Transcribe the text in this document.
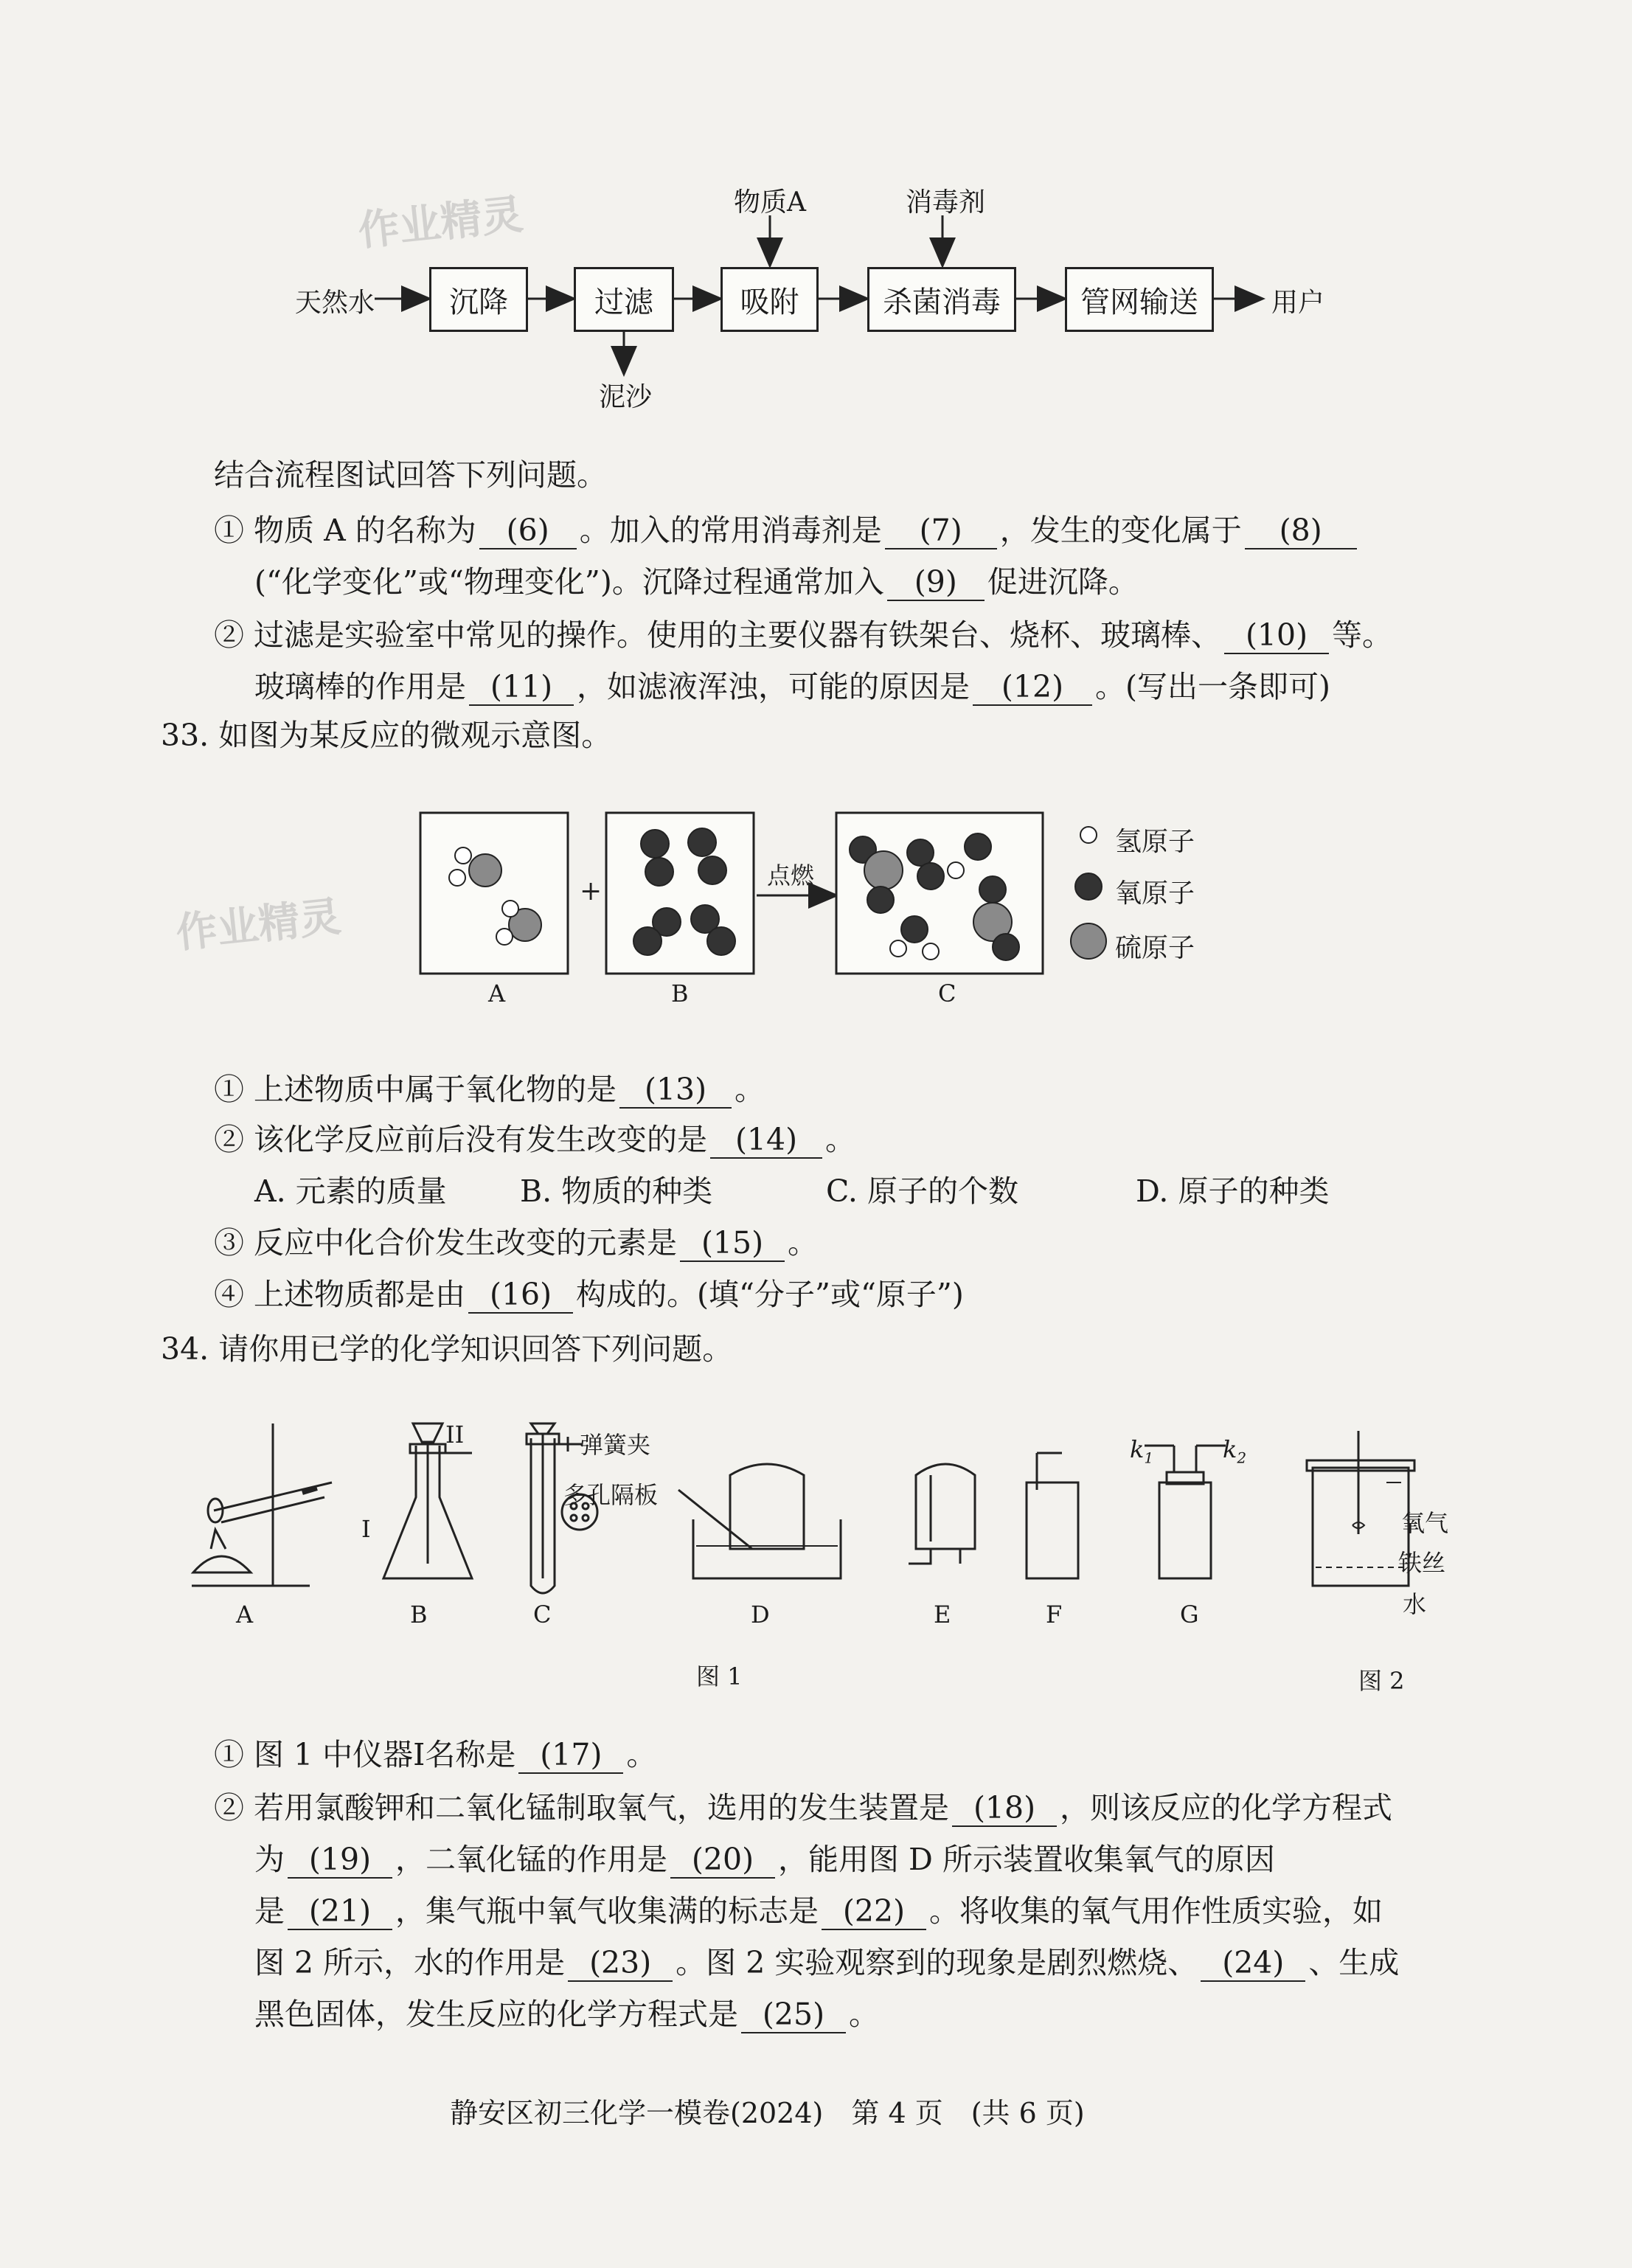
作业精灵
作业精灵
天然水	沉降	过滤	吸附	杀菌消毒	管网输送	用户
物质A	消毒剂
泥沙
结合流程图试回答下列问题。
① 物质 A 的名称为 (6) 。加入的常用消毒剂是 (7) ，发生的变化属于 (8)
(“化学变化”或“物理变化”)。沉降过程通常加入 (9) 促进沉降。
② 过滤是实验室中常见的操作。使用的主要仪器有铁架台、烧杯、玻璃棒、 (10) 等。
玻璃棒的作用是 (11) ，如滤液浑浊，可能的原因是 (12) 。(写出一条即可)
33. 如图为某反应的微观示意图。
+
点燃
氢原子
氧原子
硫原子
A	B	C
① 上述物质中属于氧化物的是 (13) 。
② 该化学反应前后没有发生改变的是 (14) 。
A. 元素的质量 B. 物质的种类	C. 原子的个数	D. 原子的种类
③ 反应中化合价发生改变的元素是 (15) 。
④ 上述物质都是由 (16) 构成的。(填“分子”或“原子”)
34. 请你用已学的化学知识回答下列问题。
A	B	C	D	E	F	G
I
II	弹簧夹
多孔隔板
$k_1$	$k_2$
氧气
铁丝
水
图 1	图 2
① 图 1 中仪器Ⅰ名称是 (17) 。
② 若用氯酸钾和二氧化锰制取氧气，选用的发生装置是 (18) ，则该反应的化学方程式
为 (19) ，二氧化锰的作用是 (20) ，能用图 D 所示装置收集氧气的原因
是 (21) ，集气瓶中氧气收集满的标志是 (22) 。将收集的氧气用作性质实验，如
图 2 所示，水的作用是 (23) 。图 2 实验观察到的现象是剧烈燃烧、 (24) 、生成
黑色固体，发生反应的化学方程式是 (25) 。
静安区初三化学一模卷(2024)　第 4 页　(共 6 页)
